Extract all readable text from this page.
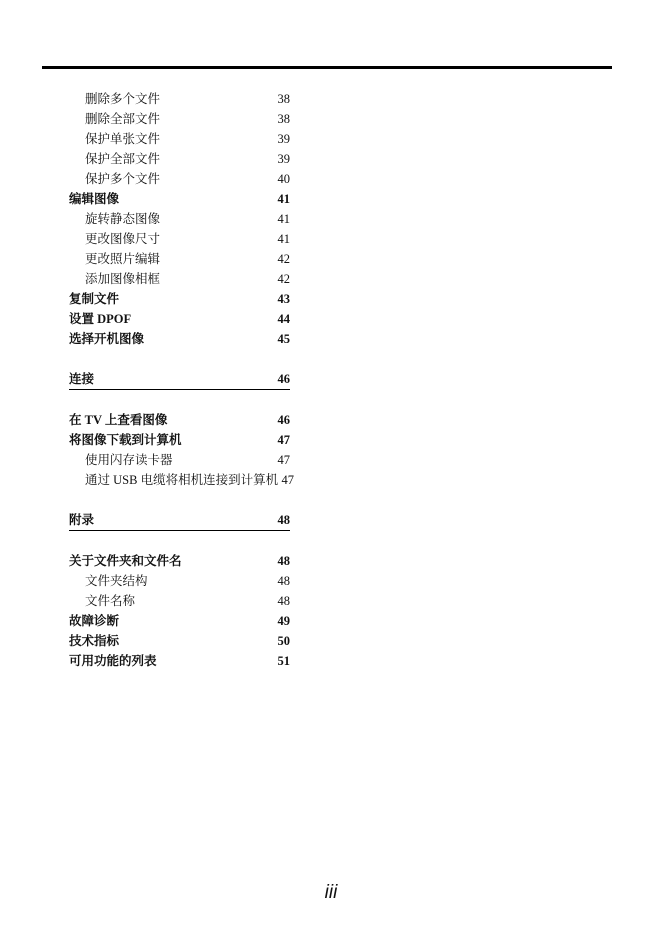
删除多个文件	38
删除全部文件	38
保护单张文件	39
保护全部文件	39
保护多个文件	40
编辑图像	41
旋转静态图像	41
更改图像尺寸	41
更改照片编辑	42
添加图像相框	42
复制文件	43
设置 DPOF	44
选择开机图像	45
连接	46
在 TV 上查看图像	46
将图像下载到计算机	47
使用闪存读卡器	47
通过 USB 电缆将相机连接到计算机 47
附录	48
关于文件夹和文件名	48
文件夹结构	48
文件名称	48
故障诊断	49
技术指标	50
可用功能的列表	51
iii
